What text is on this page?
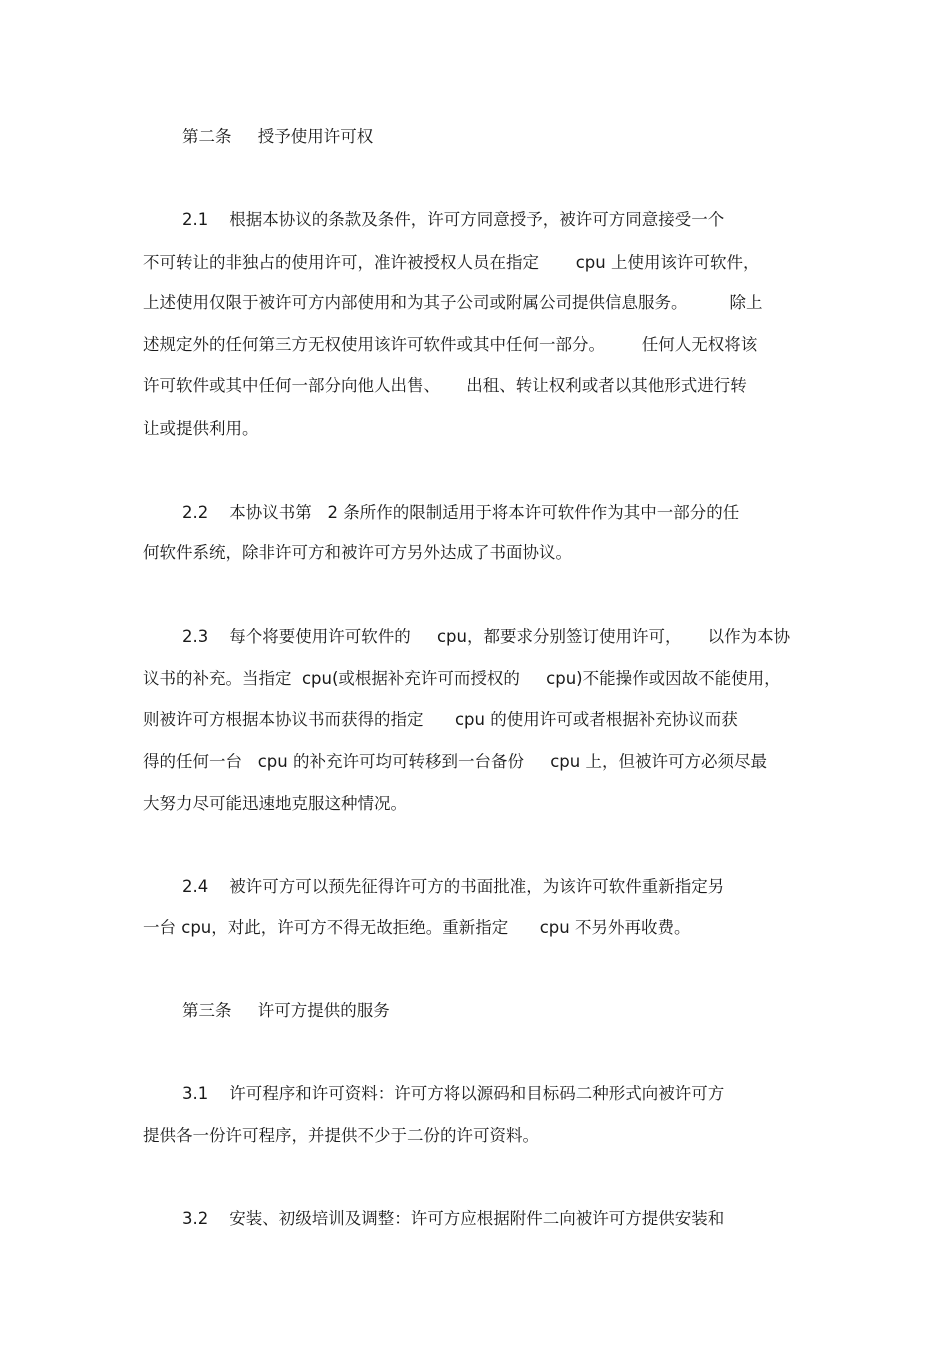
第二条     授予使用许可权
2.1    根据本协议的条款及条件，许可方同意授予，被许可方同意接受一个
不可转让的非独占的使用许可，准许被授权人员在指定       cpu 上使用该许可软件，
上述使用仅限于被许可方内部使用和为其子公司或附属公司提供信息服务。        除上
述规定外的任何第三方无权使用该许可软件或其中任何一部分。       任何人无权将该
许可软件或其中任何一部分向他人出售、     出租、转让权利或者以其他形式进行转
让或提供利用。
2.2    本协议书第   2 条所作的限制适用于将本许可软件作为其中一部分的任
何软件系统，除非许可方和被许可方另外达成了书面协议。
2.3    每个将要使用许可软件的     cpu，都要求分别签订使用许可，     以作为本协
议书的补充。当指定  cpu(或根据补充许可而授权的     cpu)不能操作或因故不能使用，
则被许可方根据本协议书而获得的指定      cpu 的使用许可或者根据补充协议而获
得的任何一台   cpu 的补充许可均可转移到一台备份     cpu 上，但被许可方必须尽最
大努力尽可能迅速地克服这种情况。
2.4    被许可方可以预先征得许可方的书面批准，为该许可软件重新指定另
一台 cpu，对此，许可方不得无故拒绝。重新指定      cpu 不另外再收费。
第三条     许可方提供的服务
3.1    许可程序和许可资料：许可方将以源码和目标码二种形式向被许可方
提供各一份许可程序，并提供不少于二份的许可资料。
3.2    安装、初级培训及调整：许可方应根据附件二向被许可方提供安装和
